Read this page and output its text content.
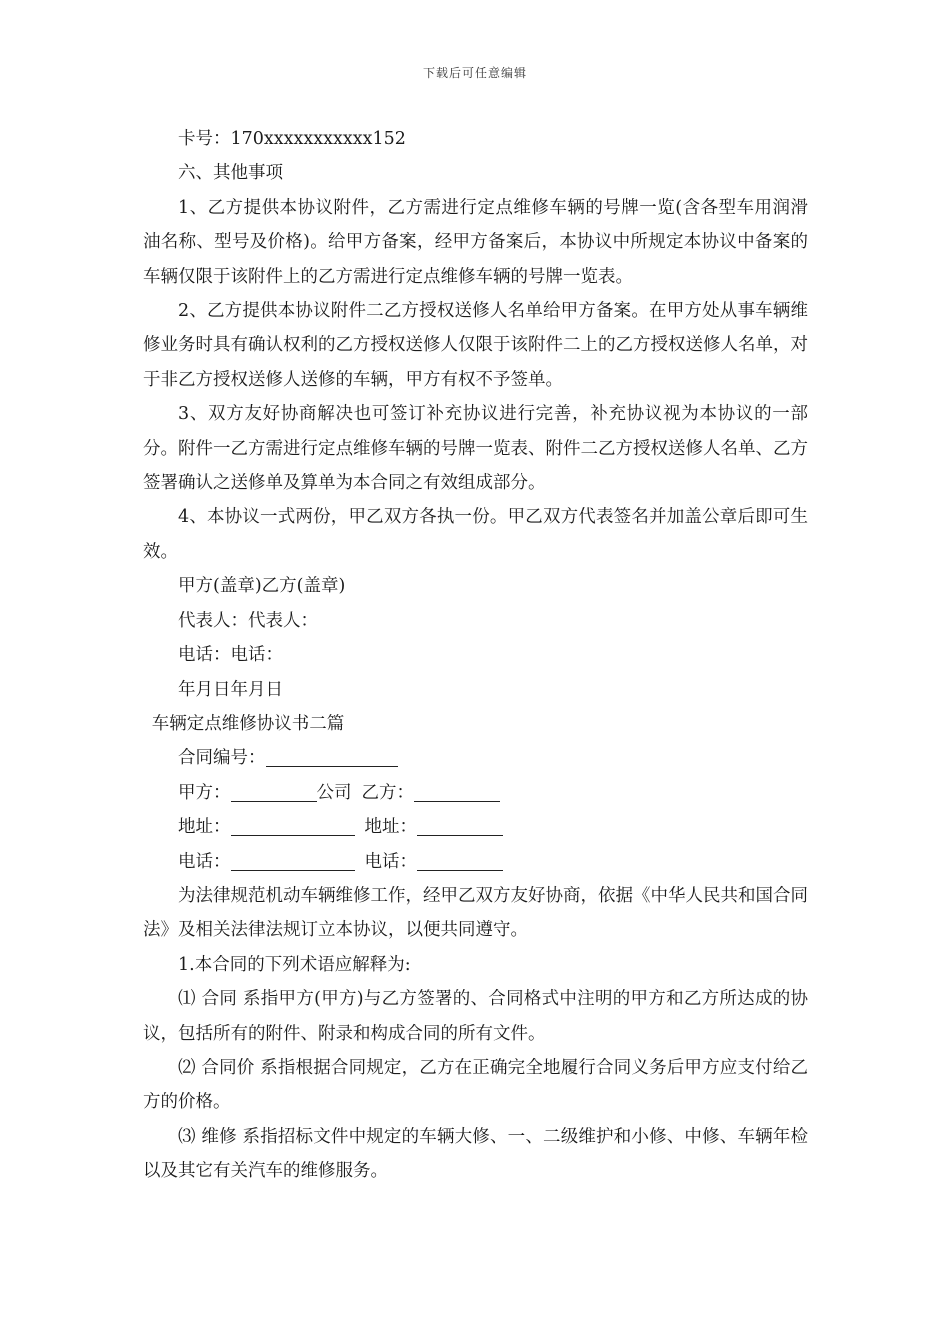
下载后可任意编辑

卡号：170xxxxxxxxxxx152

六、其他事项

1、乙方提供本协议附件，乙方需进行定点维修车辆的号牌一览(含各型车用润滑油名称、型号及价格)。给甲方备案，经甲方备案后，本协议中所规定本协议中备案的车辆仅限于该附件上的乙方需进行定点维修车辆的号牌一览表。

2、乙方提供本协议附件二乙方授权送修人名单给甲方备案。在甲方处从事车辆维修业务时具有确认权利的乙方授权送修人仅限于该附件二上的乙方授权送修人名单，对于非乙方授权送修人送修的车辆，甲方有权不予签单。

3、双方友好协商解决也可签订补充协议进行完善，补充协议视为本协议的一部分。附件一乙方需进行定点维修车辆的号牌一览表、附件二乙方授权送修人名单、乙方签署确认之送修单及算单为本合同之有效组成部分。

4、本协议一式两份，甲乙双方各执一份。甲乙双方代表签名并加盖公章后即可生效。

甲方(盖章)乙方(盖章)

代表人：代表人：

电话：电话：

年月日年月日

车辆定点维修协议书二篇

合同编号：

甲方：	公司 乙方：

地址：	地址：

电话：	电话：

为法律规范机动车辆维修工作，经甲乙双方友好协商，依据《中华人民共和国合同法》及相关法律法规订立本协议，以便共同遵守。

1.本合同的下列术语应解释为:

⑴ 合同 系指甲方(甲方)与乙方签署的、合同格式中注明的甲方和乙方所达成的协议，包括所有的附件、附录和构成合同的所有文件。

⑵ 合同价 系指根据合同规定，乙方在正确完全地履行合同义务后甲方应支付给乙方的价格。

⑶ 维修 系指招标文件中规定的车辆大修、一、二级维护和小修、中修、车辆年检以及其它有关汽车的维修服务。
